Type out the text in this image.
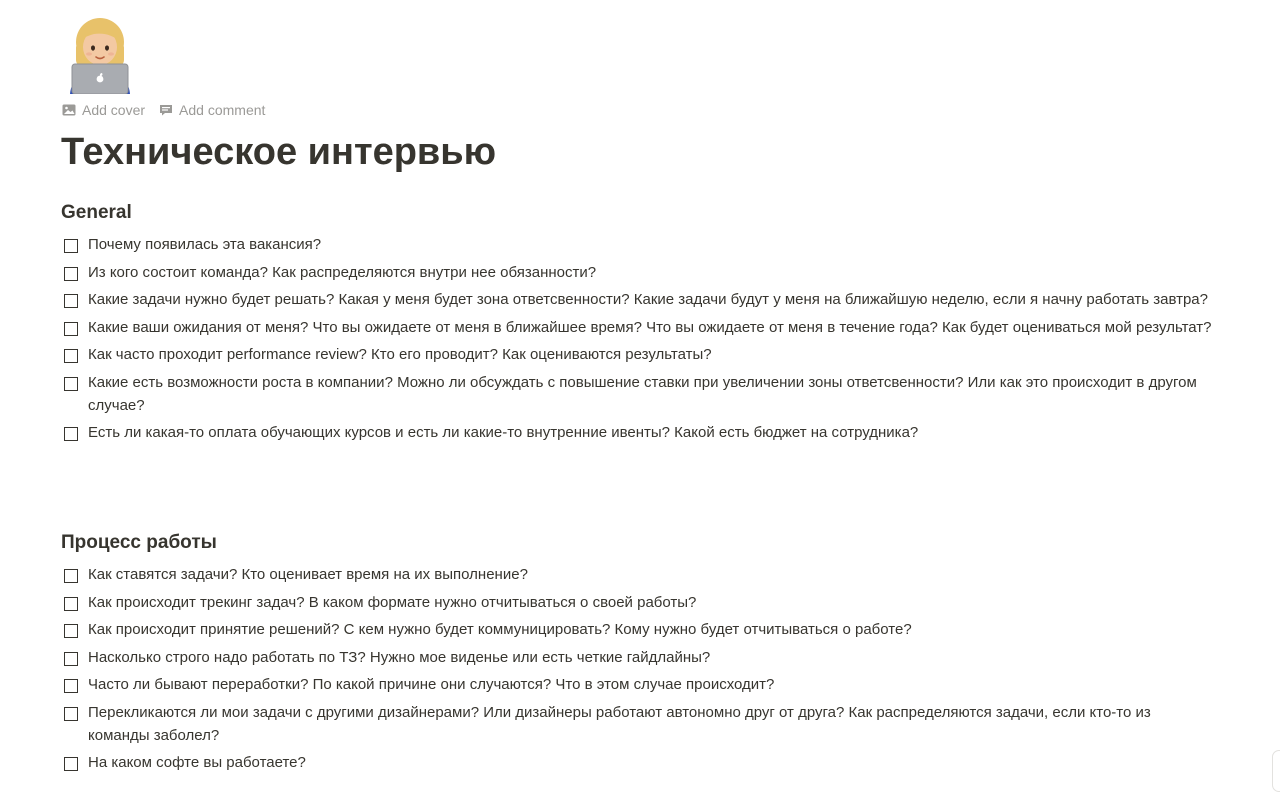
Add cover Add comment
Техническое интервью
General
Почему появилась эта вакансия?
Из кого состоит команда? Как распределяются внутри нее обязанности?
Какие задачи нужно будет решать? Какая у меня будет зона ответсвенности? Какие задачи будут у меня на ближайшую неделю, если я начну работать завтра?
Какие ваши ожидания от меня? Что вы ожидаете от меня в ближайшее время? Что вы ожидаете от меня в течение года? Как будет оцениваться мой результат?
Как часто проходит performance review? Кто его проводит? Как оцениваются результаты?
Какие есть возможности роста в компании? Можно ли обсуждать с повышение ставки при увеличении зоны ответсвенности? Или как это происходит в другом случае?
Есть ли какая-то оплата обучающих курсов и есть ли какие-то внутренние ивенты? Какой есть бюджет на сотрудника?
Процесс работы
Как ставятся задачи? Кто оценивает время на их выполнение?
Как происходит трекинг задач? В каком формате нужно отчитываться о своей работы?
Как происходит принятие решений? С кем нужно будет коммуницировать? Кому нужно будет отчитываться о работе?
Насколько строго надо работать по ТЗ? Нужно мое виденье или есть четкие гайдлайны?
Часто ли бывают переработки? По какой причине они случаются? Что в этом случае происходит?
Перекликаются ли мои задачи с другими дизайнерами? Или дизайнеры работают автономно друг от друга? Как распределяются задачи, если кто-то из команды заболел?
На каком софте вы работаете?
